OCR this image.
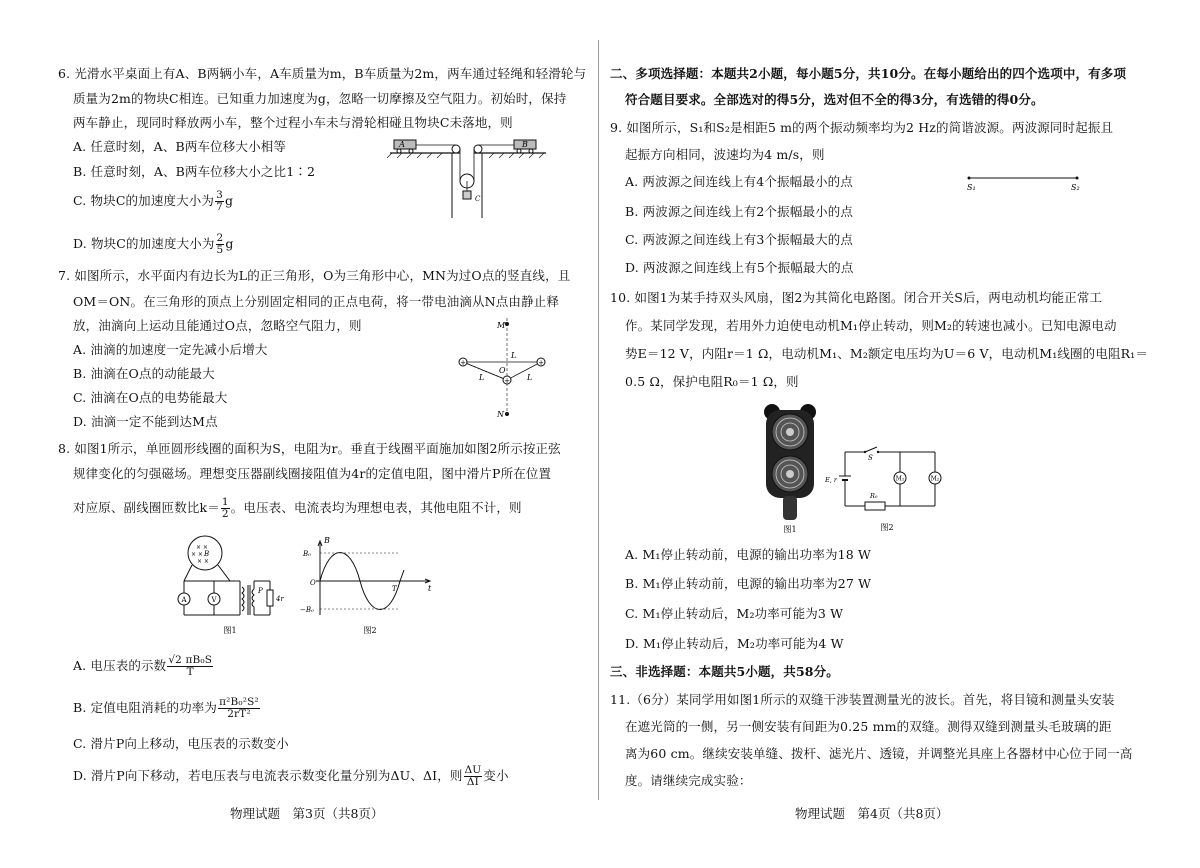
6. 光滑水平桌面上有A、B两辆小车，A车质量为m，B车质量为2m，两车通过轻绳和轻滑轮与
质量为2m的物块C相连。已知重力加速度为g，忽略一切摩擦及空气阻力。初始时，保持
两车静止，现同时释放两小车，整个过程小车未与滑轮相碰且物块C未落地，则
A. 任意时刻，A、B两车位移大小相等
B. 任意时刻，A、B两车位移大小之比1∶2
C. 物块C的加速度大小为 $\frac{3}{7}$ g
D. 物块C的加速度大小为 $\frac{2}{5}$ g
A	B
C
7. 如图所示，水平面内有边长为L的正三角形，O为三角形中心，MN为过O点的竖直线，且
OM＝ON。在三角形的顶点上分别固定相同的正点电荷，将一带电油滴从N点由静止释
放，油滴向上运动且能通过O点，忽略空气阻力，则
A. 油滴的加速度一定先减小后增大
B. 油滴在O点的动能最大
C. 油滴在O点的电势能最大
D. 油滴一定不能到达M点
+	+
+
M
N
O
L
L	L
8. 如图1所示，单匝圆形线圈的面积为S，电阻为r。垂直于线圈平面施加如图2所示按正弦
规律变化的匀强磁场。理想变压器副线圈接阻值为4r的定值电阻，图中滑片P所在位置
对应原、副线圈匝数比$k= \frac{1}{2}$ 。电压表、电流表均为理想电表，其他电阻不计，则
× ×
× × B
× ×
A	V	4r
P
图1
B
B₀
−B₀
O
t
T
图2
A. 电压表的示数 $\frac{\text{√2 πB₀S}}{T}$
B. 定值电阻消耗的功率为 $\frac{\text{π²B₀²S²}}{\text{2rT²}}$
C. 滑片P向上移动，电压表的示数变小
D. 滑片P向下移动，若电压表与电流表示数变化量分别为ΔU、ΔI，则 $\frac{\Delta U}{\Delta I}$ 变小
物理试题　第3页（共8页）
二、多项选择题：本题共2小题，每小题5分，共10分。在每小题给出的四个选项中，有多项
符合题目要求。全部选对的得5分，选对但不全的得3分，有选错的得0分。
9. 如图所示，S₁和S₂是相距5 m的两个振动频率均为2 Hz的简谐波源。两波源同时起振且
起振方向相同，波速均为4 m/s，则
A. 两波源之间连线上有4个振幅最小的点
B. 两波源之间连线上有2个振幅最小的点
C. 两波源之间连线上有3个振幅最大的点
D. 两波源之间连线上有5个振幅最大的点
S₁	S₂
10. 如图1为某手持双头风扇，图2为其简化电路图。闭合开关S后，两电动机均能正常工
作。某同学发现，若用外力迫使电动机M₁停止转动，则M₂的转速也减小。已知电源电动
势E＝12 V，内阻r＝1 Ω，电动机M₁、M₂额定电压均为U＝6 V，电动机M₁线圈的电阻R₁＝
0.5 Ω，保护电阻R₀＝1 Ω，则
图1
S
E, r
R₀
M₁	M₂
图2
A. M₁停止转动前，电源的输出功率为18 W
B. M₁停止转动前，电源的输出功率为27 W
C. M₁停止转动后，M₂功率可能为3 W
D. M₁停止转动后，M₂功率可能为4 W
三、非选择题：本题共5小题，共58分。
11.（6分）某同学用如图1所示的双缝干涉装置测量光的波长。首先，将目镜和测量头安装
在遮光筒的一侧，另一侧安装有间距为0.25 mm的双缝。测得双缝到测量头毛玻璃的距
离为60 cm。继续安装单缝、拨杆、滤光片、透镜，并调整光具座上各器材中心位于同一高
度。请继续完成实验：
物理试题　第4页（共8页）
